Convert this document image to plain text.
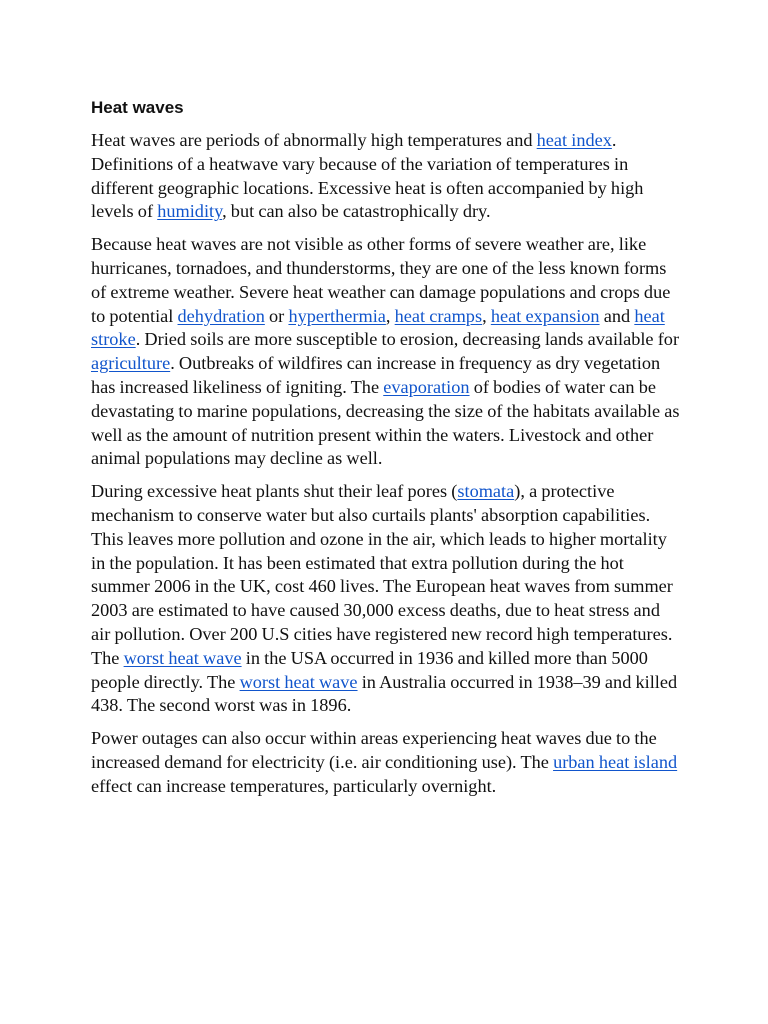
Heat waves

Heat waves are periods of abnormally high temperatures and heat index. Definitions of a heatwave vary because of the variation of temperatures in different geographic locations. Excessive heat is often accompanied by high levels of humidity, but can also be catastrophically dry.

Because heat waves are not visible as other forms of severe weather are, like hurricanes, tornadoes, and thunderstorms, they are one of the less known forms of extreme weather. Severe heat weather can damage populations and crops due to potential dehydration or hyperthermia, heat cramps, heat expansion and heat stroke. Dried soils are more susceptible to erosion, decreasing lands available for agriculture. Outbreaks of wildfires can increase in frequency as dry vegetation has increased likeliness of igniting. The evaporation of bodies of water can be devastating to marine populations, decreasing the size of the habitats available as well as the amount of nutrition present within the waters. Livestock and other animal populations may decline as well.

During excessive heat plants shut their leaf pores (stomata), a protective mechanism to conserve water but also curtails plants' absorption capabilities. This leaves more pollution and ozone in the air, which leads to higher mortality in the population. It has been estimated that extra pollution during the hot summer 2006 in the UK, cost 460 lives. The European heat waves from summer 2003 are estimated to have caused 30,000 excess deaths, due to heat stress and air pollution. Over 200 U.S cities have registered new record high temperatures. The worst heat wave in the USA occurred in 1936 and killed more than 5000 people directly. The worst heat wave in Australia occurred in 1938–39 and killed 438. The second worst was in 1896.

Power outages can also occur within areas experiencing heat waves due to the increased demand for electricity (i.e. air conditioning use). The urban heat island effect can increase temperatures, particularly overnight.
